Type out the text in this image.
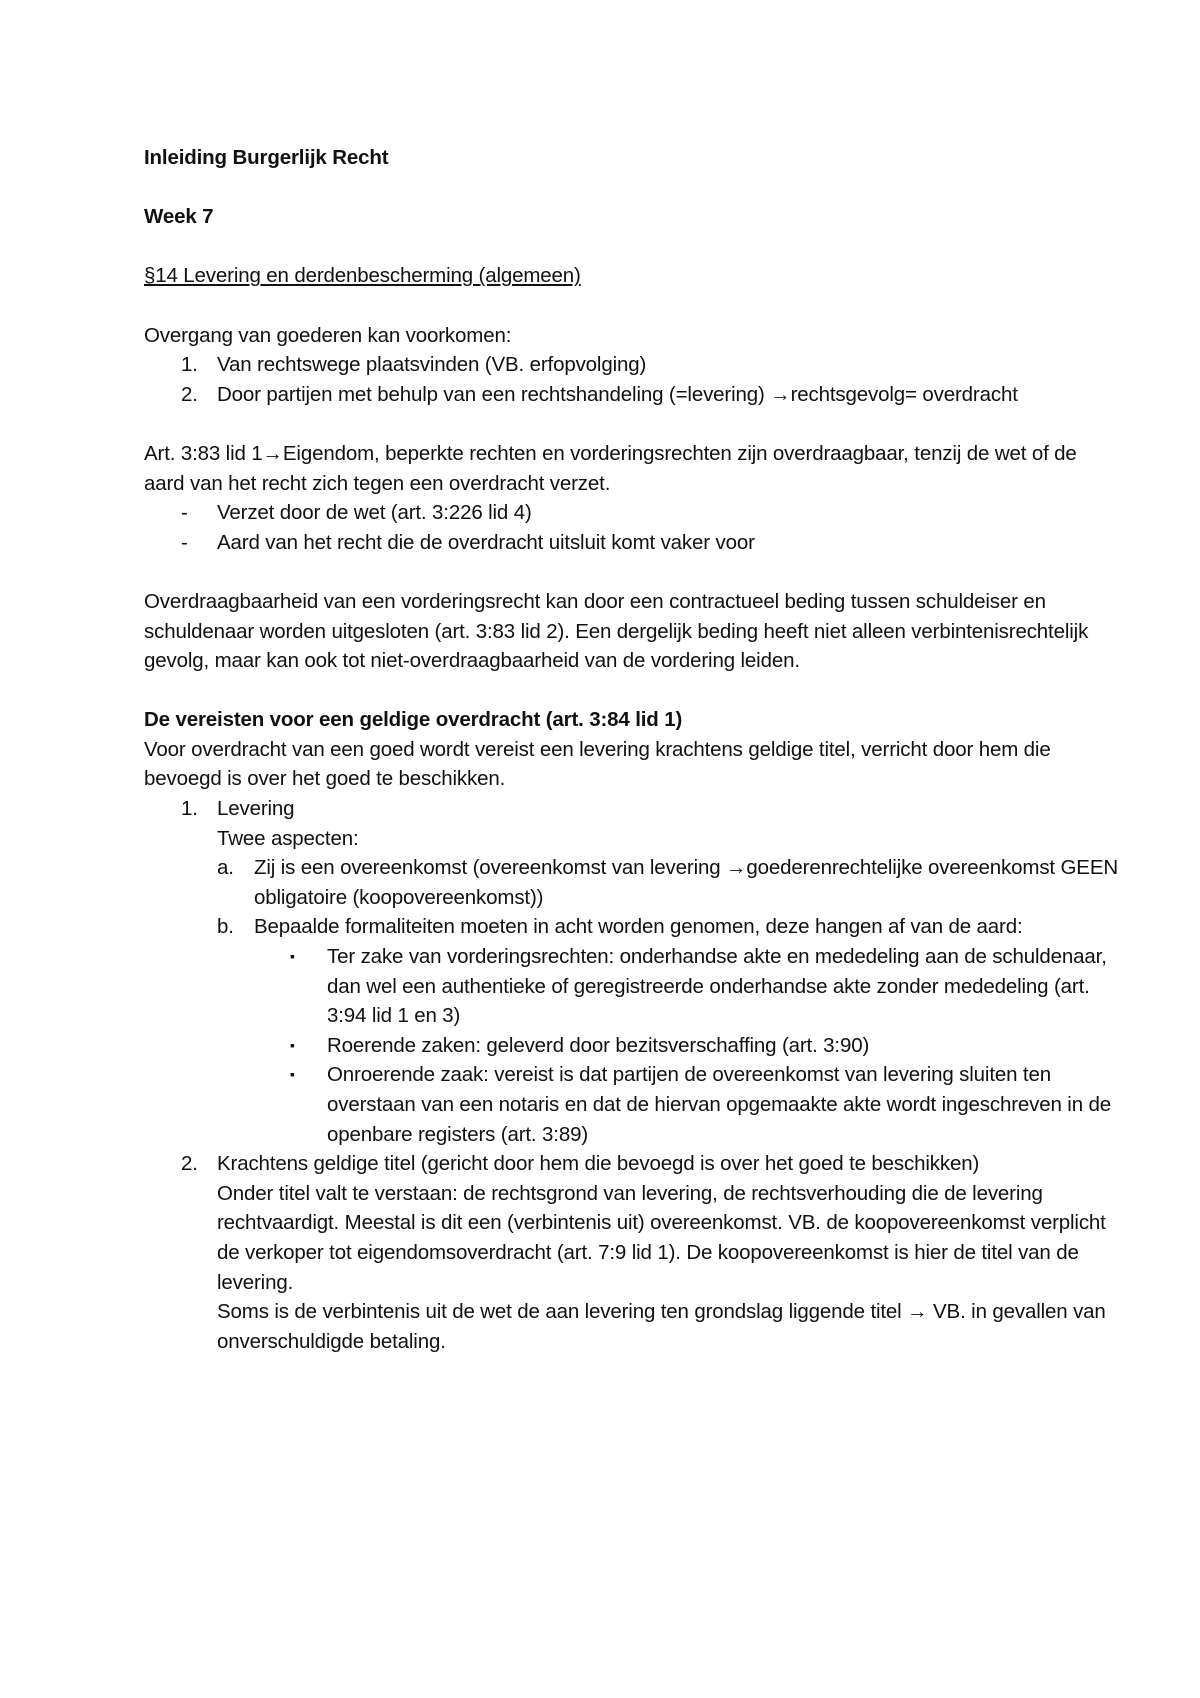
Inleiding Burgerlijk Recht

Week 7

§14 Levering en derdenbescherming (algemeen)

Overgang van goederen kan voorkomen:

1. Van rechtswege plaatsvinden (VB. erfopvolging)
2. Door partijen met behulp van een rechtshandeling (=levering) →rechtsgevolg= overdracht

Art. 3:83 lid 1→Eigendom, beperkte rechten en vorderingsrechten zijn overdraagbaar, tenzij de wet of de aard van het recht zich tegen een overdracht verzet.

- Verzet door de wet (art. 3:226 lid 4)
- Aard van het recht die de overdracht uitsluit komt vaker voor

Overdraagbaarheid van een vorderingsrecht kan door een contractueel beding tussen schuldeiser en schuldenaar worden uitgesloten (art. 3:83 lid 2). Een dergelijk beding heeft niet alleen verbintenisrechtelijk gevolg, maar kan ook tot niet-overdraagbaarheid van de vordering leiden.

De vereisten voor een geldige overdracht (art. 3:84 lid 1)

Voor overdracht van een goed wordt vereist een levering krachtens geldige titel, verricht door hem die bevoegd is over het goed te beschikken.

1. Levering

Twee aspecten:

a. Zij is een overeenkomst (overeenkomst van levering →goederenrechtelijke overeenkomst GEEN obligatoire (koopovereenkomst))
b. Bepaalde formaliteiten moeten in acht worden genomen, deze hangen af van de aard:
▪ Ter zake van vorderingsrechten: onderhandse akte en mededeling aan de schuldenaar, dan wel een authentieke of geregistreerde onderhandse akte zonder mededeling (art. 3:94 lid 1 en 3)
▪ Roerende zaken: geleverd door bezitsverschaffing (art. 3:90)
▪ Onroerende zaak: vereist is dat partijen de overeenkomst van levering sluiten ten overstaan van een notaris en dat de hiervan opgemaakte akte wordt ingeschreven in de openbare registers (art. 3:89)
2. Krachtens geldige titel (gericht door hem die bevoegd is over het goed te beschikken)

Onder titel valt te verstaan: de rechtsgrond van levering, de rechtsverhouding die de levering rechtvaardigt. Meestal is dit een (verbintenis uit) overeenkomst. VB. de koopovereenkomst verplicht de verkoper tot eigendomsoverdracht (art. 7:9 lid 1). De koopovereenkomst is hier de titel van de levering.

Soms is de verbintenis uit de wet de aan levering ten grondslag liggende titel → VB. in gevallen van onverschuldigde betaling.
